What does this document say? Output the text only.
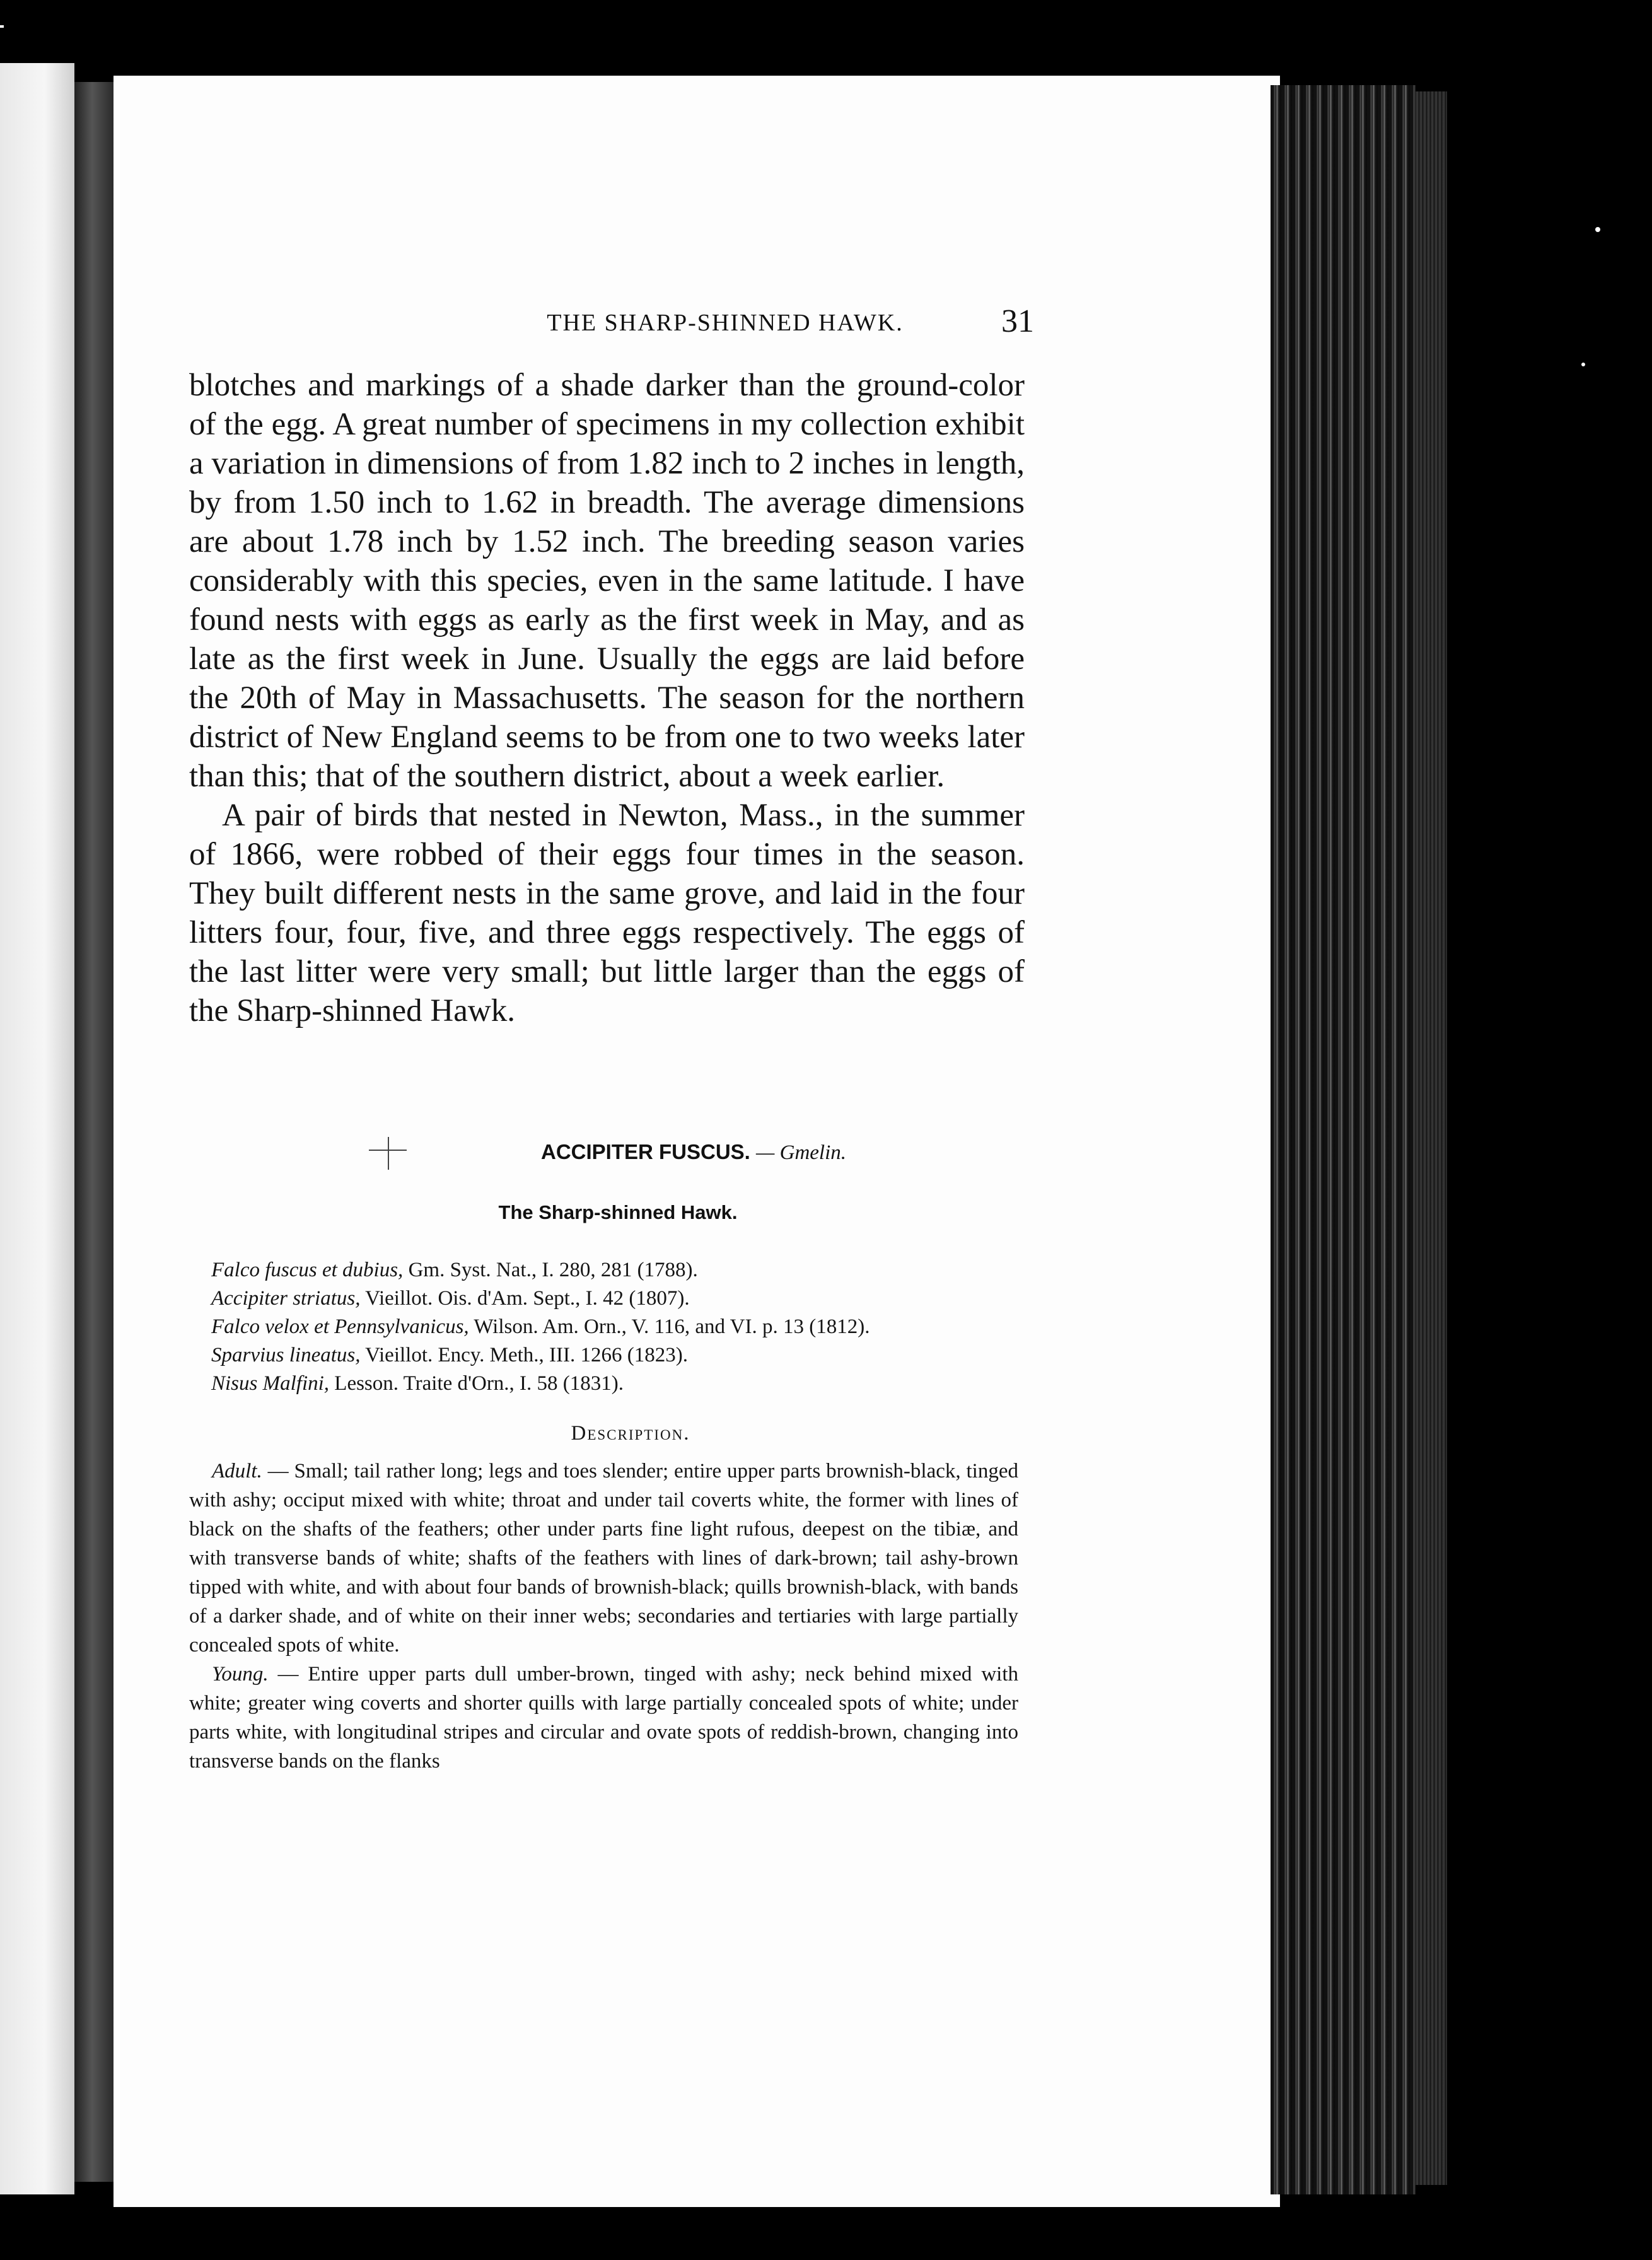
THE SHARP-SHINNED HAWK.	31

blotches and markings of a shade darker than the ground-color of the egg. A great number of specimens in my collection exhibit a variation in dimensions of from 1.82 inch to 2 inches in length, by from 1.50 inch to 1.62 in breadth. The average dimensions are about 1.78 inch by 1.52 inch. The breeding season varies considerably with this species, even in the same latitude. I have found nests with eggs as early as the first week in May, and as late as the first week in June. Usually the eggs are laid before the 20th of May in Massachusetts. The season for the northern district of New England seems to be from one to two weeks later than this; that of the southern district, about a week earlier.

A pair of birds that nested in Newton, Mass., in the summer of 1866, were robbed of their eggs four times in the season. They built different nests in the same grove, and laid in the four litters four, four, five, and three eggs respectively. The eggs of the last litter were very small; but little larger than the eggs of the Sharp-shinned Hawk.

ACCIPITER FUSCUS. — Gmelin.
The Sharp-shinned Hawk.
Falco fuscus et dubius, Gm. Syst. Nat., I. 280, 281 (1788).
Accipiter striatus, Vieillot. Ois. d'Am. Sept., I. 42 (1807).
Falco velox et Pennsylvanicus, Wilson. Am. Orn., V. 116, and VI. p. 13 (1812).
Sparvius lineatus, Vieillot. Ency. Meth., III. 1266 (1823).
Nisus Malfini, Lesson. Traite d'Orn., I. 58 (1831).
Description.

Adult. — Small; tail rather long; legs and toes slender; entire upper parts brownish-black, tinged with ashy; occiput mixed with white; throat and under tail coverts white, the former with lines of black on the shafts of the feathers; other under parts fine light rufous, deepest on the tibiæ, and with transverse bands of white; shafts of the feathers with lines of dark-brown; tail ashy-brown tipped with white, and with about four bands of brownish-black; quills brownish-black, with bands of a darker shade, and of white on their inner webs; secondaries and tertiaries with large partially concealed spots of white.

Young. — Entire upper parts dull umber-brown, tinged with ashy; neck behind mixed with white; greater wing coverts and shorter quills with large partially concealed spots of white; under parts white, with longitudinal stripes and circular and ovate spots of reddish-brown, changing into transverse bands on the flanks
